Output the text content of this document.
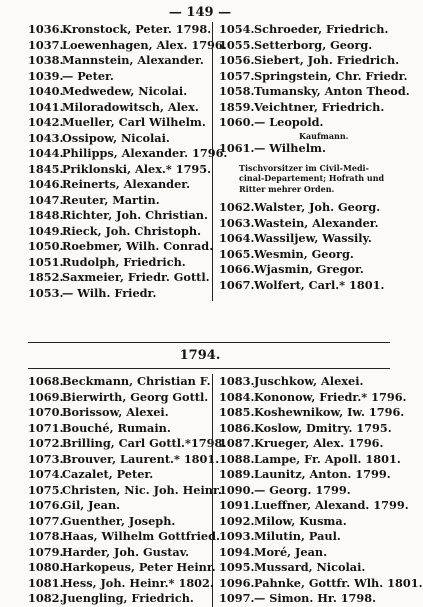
— 149 —
1036.Kronstock, Peter. 1798.
1037.Loewenhagen, Alex. 1796.
1038.Mannstein, Alexander.
1039.— Peter.
1040.Medwedew, Nicolai.
1041.Miloradowitsch, Alex.
1042.Mueller, Carl Wilhelm.
1043.Ossipow, Nicolai.
1044.Philipps, Alexander. 1796.
1845.Priklonski, Alex.* 1795.
1046.Reinerts, Alexander.
1047.Reuter, Martin.
1848.Richter, Joh. Christian.
1049.Rieck, Joh. Christoph.
1050.Roebmer, Wilh. Conrad.
1051.Rudolph, Friedrich.
1852.Saxmeier, Friedr. Gottl.
1053.— Wilh. Friedr.
1054.Schroeder, Friedrich.
1055.Setterborg, Georg.
1056.Siebert, Joh. Friedrich.
1057.Springstein, Chr. Friedr.
1058.Tumansky, Anton Theod.
1859.Veichtner, Friedrich.
1060.— Leopold.
Kaufmann.
1061.— Wilhelm.
Tischvorsitzer im Civil-Medi-
cinal-Departement; Hofrath und
Ritter mehrer Orden.
1062.Walster, Joh. Georg.
1063.Wastein, Alexander.
1064.Wassiljew, Wassily.
1065.Wesmin, Georg.
1066.Wjasmin, Gregor.
1067.Wolfert, Carl.* 1801.
1794.
1068.Beckmann, Christian F.
1069.Bierwirth, Georg Gottl.
1070.Borissow, Alexei.
1071.Bouché, Rumain.
1072.Brilling, Carl Gottl.*1798.
1073.Brouver, Laurent.* 1801.
1074.Cazalet, Peter.
1075.Christen, Nic. Joh. Heinr.
1076.Gil, Jean.
1077.Guenther, Joseph.
1078.Haas, Wilhelm Gottfried.
1079.Harder, Joh. Gustav.
1080.Harkopeus, Peter Heinr.
1081.Hess, Joh. Heinr.* 1802.
1082.Juengling, Friedrich.
1083.Juschkow, Alexei.
1084.Kononow, Friedr.* 1796.
1085.Koshewnikow, Iw. 1796.
1086.Koslow, Dmitry. 1795.
1087.Krueger, Alex. 1796.
1088.Lampe, Fr. Apoll. 1801.
1089.Launitz, Anton. 1799.
1090.— Georg. 1799.
1091.Lueffner, Alexand. 1799.
1092.Milow, Kusma.
1093.Milutin, Paul.
1094.Moré, Jean.
1095.Mussard, Nicolai.
1096.Pahnke, Gottfr. Wlh. 1801.
1097.— Simon. Hr. 1798.
